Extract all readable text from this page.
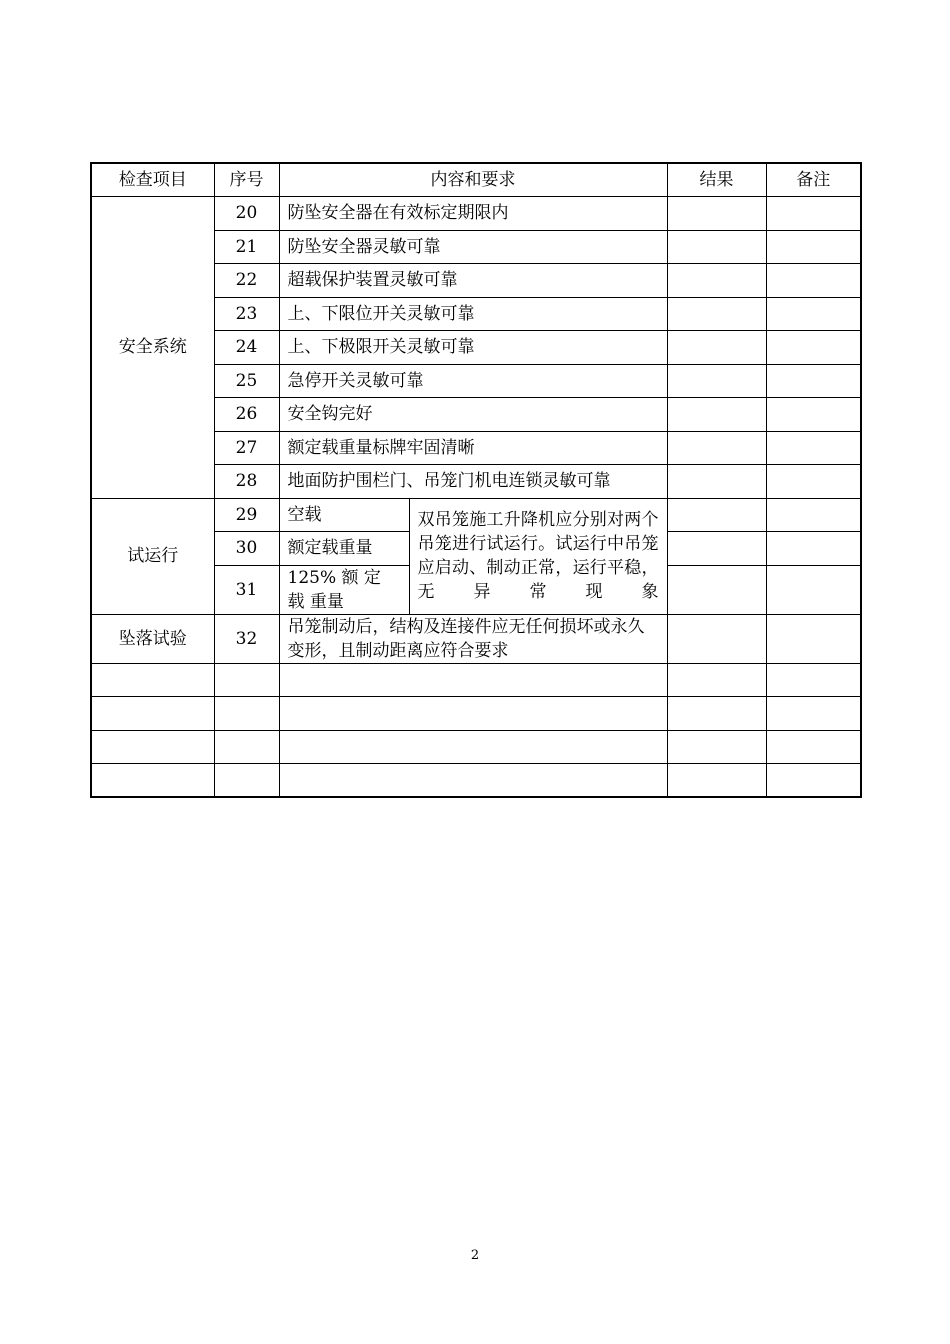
检查项目	序号	内容和要求		结果	备注
安全系统	20	防坠安全器在有效标定期限内			
	21	防坠安全器灵敏可靠			
	22	超载保护装置灵敏可靠			
	23	上、下限位开关灵敏可靠			
	24	上、下极限开关灵敏可靠			
	25	急停开关灵敏可靠			
	26	安全钩完好			
	27	额定载重量标牌牢固清晰			
	28	地面防护围栏门、吊笼门机电连锁灵敏可靠			
试运行	29	空载	双吊笼施工升降机应分别对两个吊笼进行试运行。试运行中吊笼应启动、制动正常，运行平稳，无异常现象		
	30	额定载重量			
	31	125% 额 定 载 重量			
坠落试验	32	吊笼制动后，结构及连接件应无任何损坏或永久变形，且制动距离应符合要求			

2
